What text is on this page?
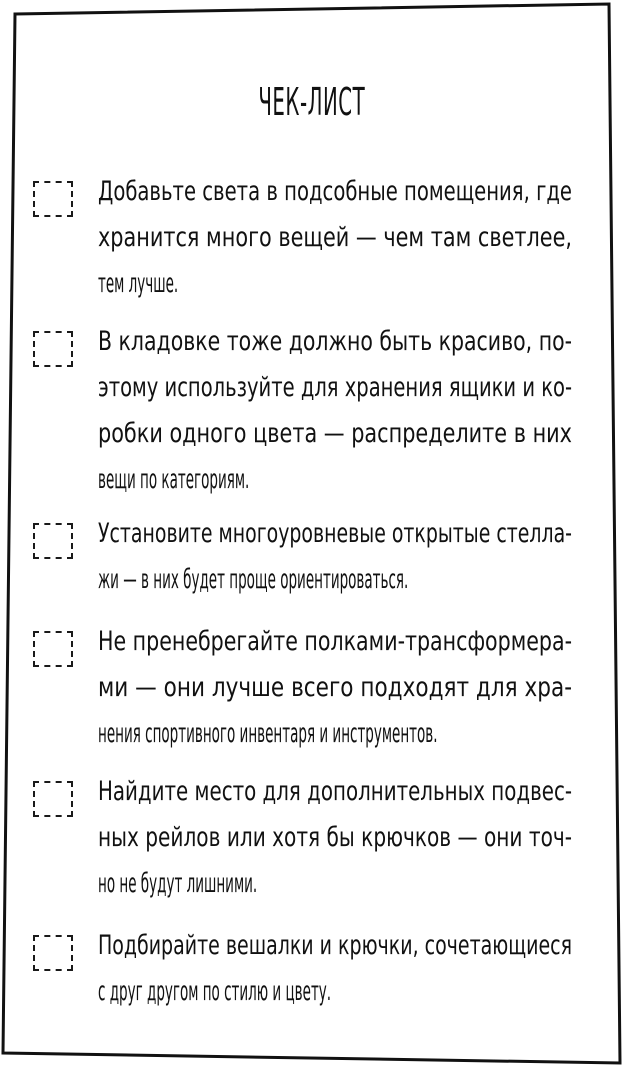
ЧЕК-ЛИСТ
Добавьте света в подсобные помещения, где
хранится много вещей — чем там светлее,
тем лучше.
В кладовке тоже должно быть красиво, по-
этому используйте для хранения ящики и ко-
робки одного цвета — распределите в них
вещи по категориям.
Установите многоуровневые открытые стелла-
жи — в них будет проще ориентироваться.
Не пренебрегайте полками-трансформера-
ми — они лучше всего подходят для хра-
нения спортивного инвентаря и инструментов.
Найдите место для дополнительных подвес-
ных рейлов или хотя бы крючков — они точ-
но не будут лишними.
Подбирайте вешалки и крючки, сочетающиеся
с друг другом по стилю и цвету.
